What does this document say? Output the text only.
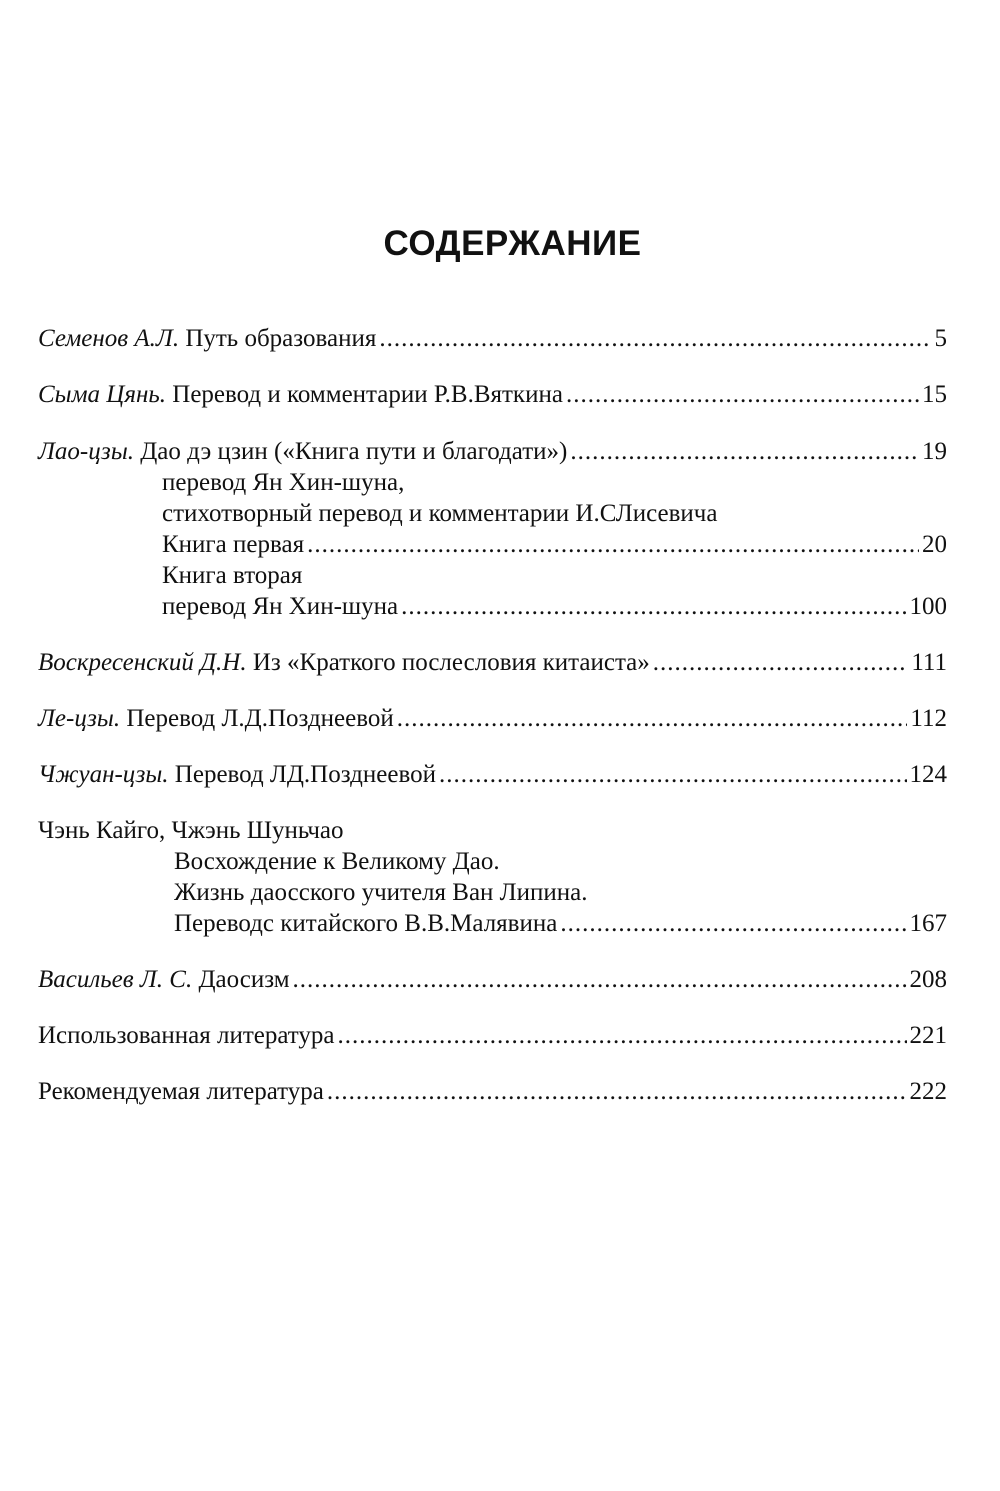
СОДЕРЖАНИЕ
Семенов А.Л.
Путь образования .....	5
Сыма Цянь.
Перевод и комментарии Р.В.Вяткина .....	15
Лао-цзы.
Дао дэ цзин («Книга пути и благодати») .....	19
перевод Ян Хин-шуна,
стихотворный перевод и комментарии И.СЛисевича
Книга первая .....	20
Книга вторая
перевод Ян Хин-шуна .....	100
Воскресенский Д.Н.
Из «Краткого послесловия китаиста» .....	111
Ле-цзы.
Перевод Л.Д.Позднеевой .....	112
Чжуан-цзы.
Перевод ЛД.Позднеевой .....	124
Чэнь Кайго, Чжэнь Шуньчао
Восхождение к Великому Дао.
Жизнь даосского учителя Ван Липина.
Переводс китайского В.В.Малявина .....	167
Васильев Л. С.
Даосизм .....	208
Использованная литература .....	221
Рекомендуемая литература .....	222
